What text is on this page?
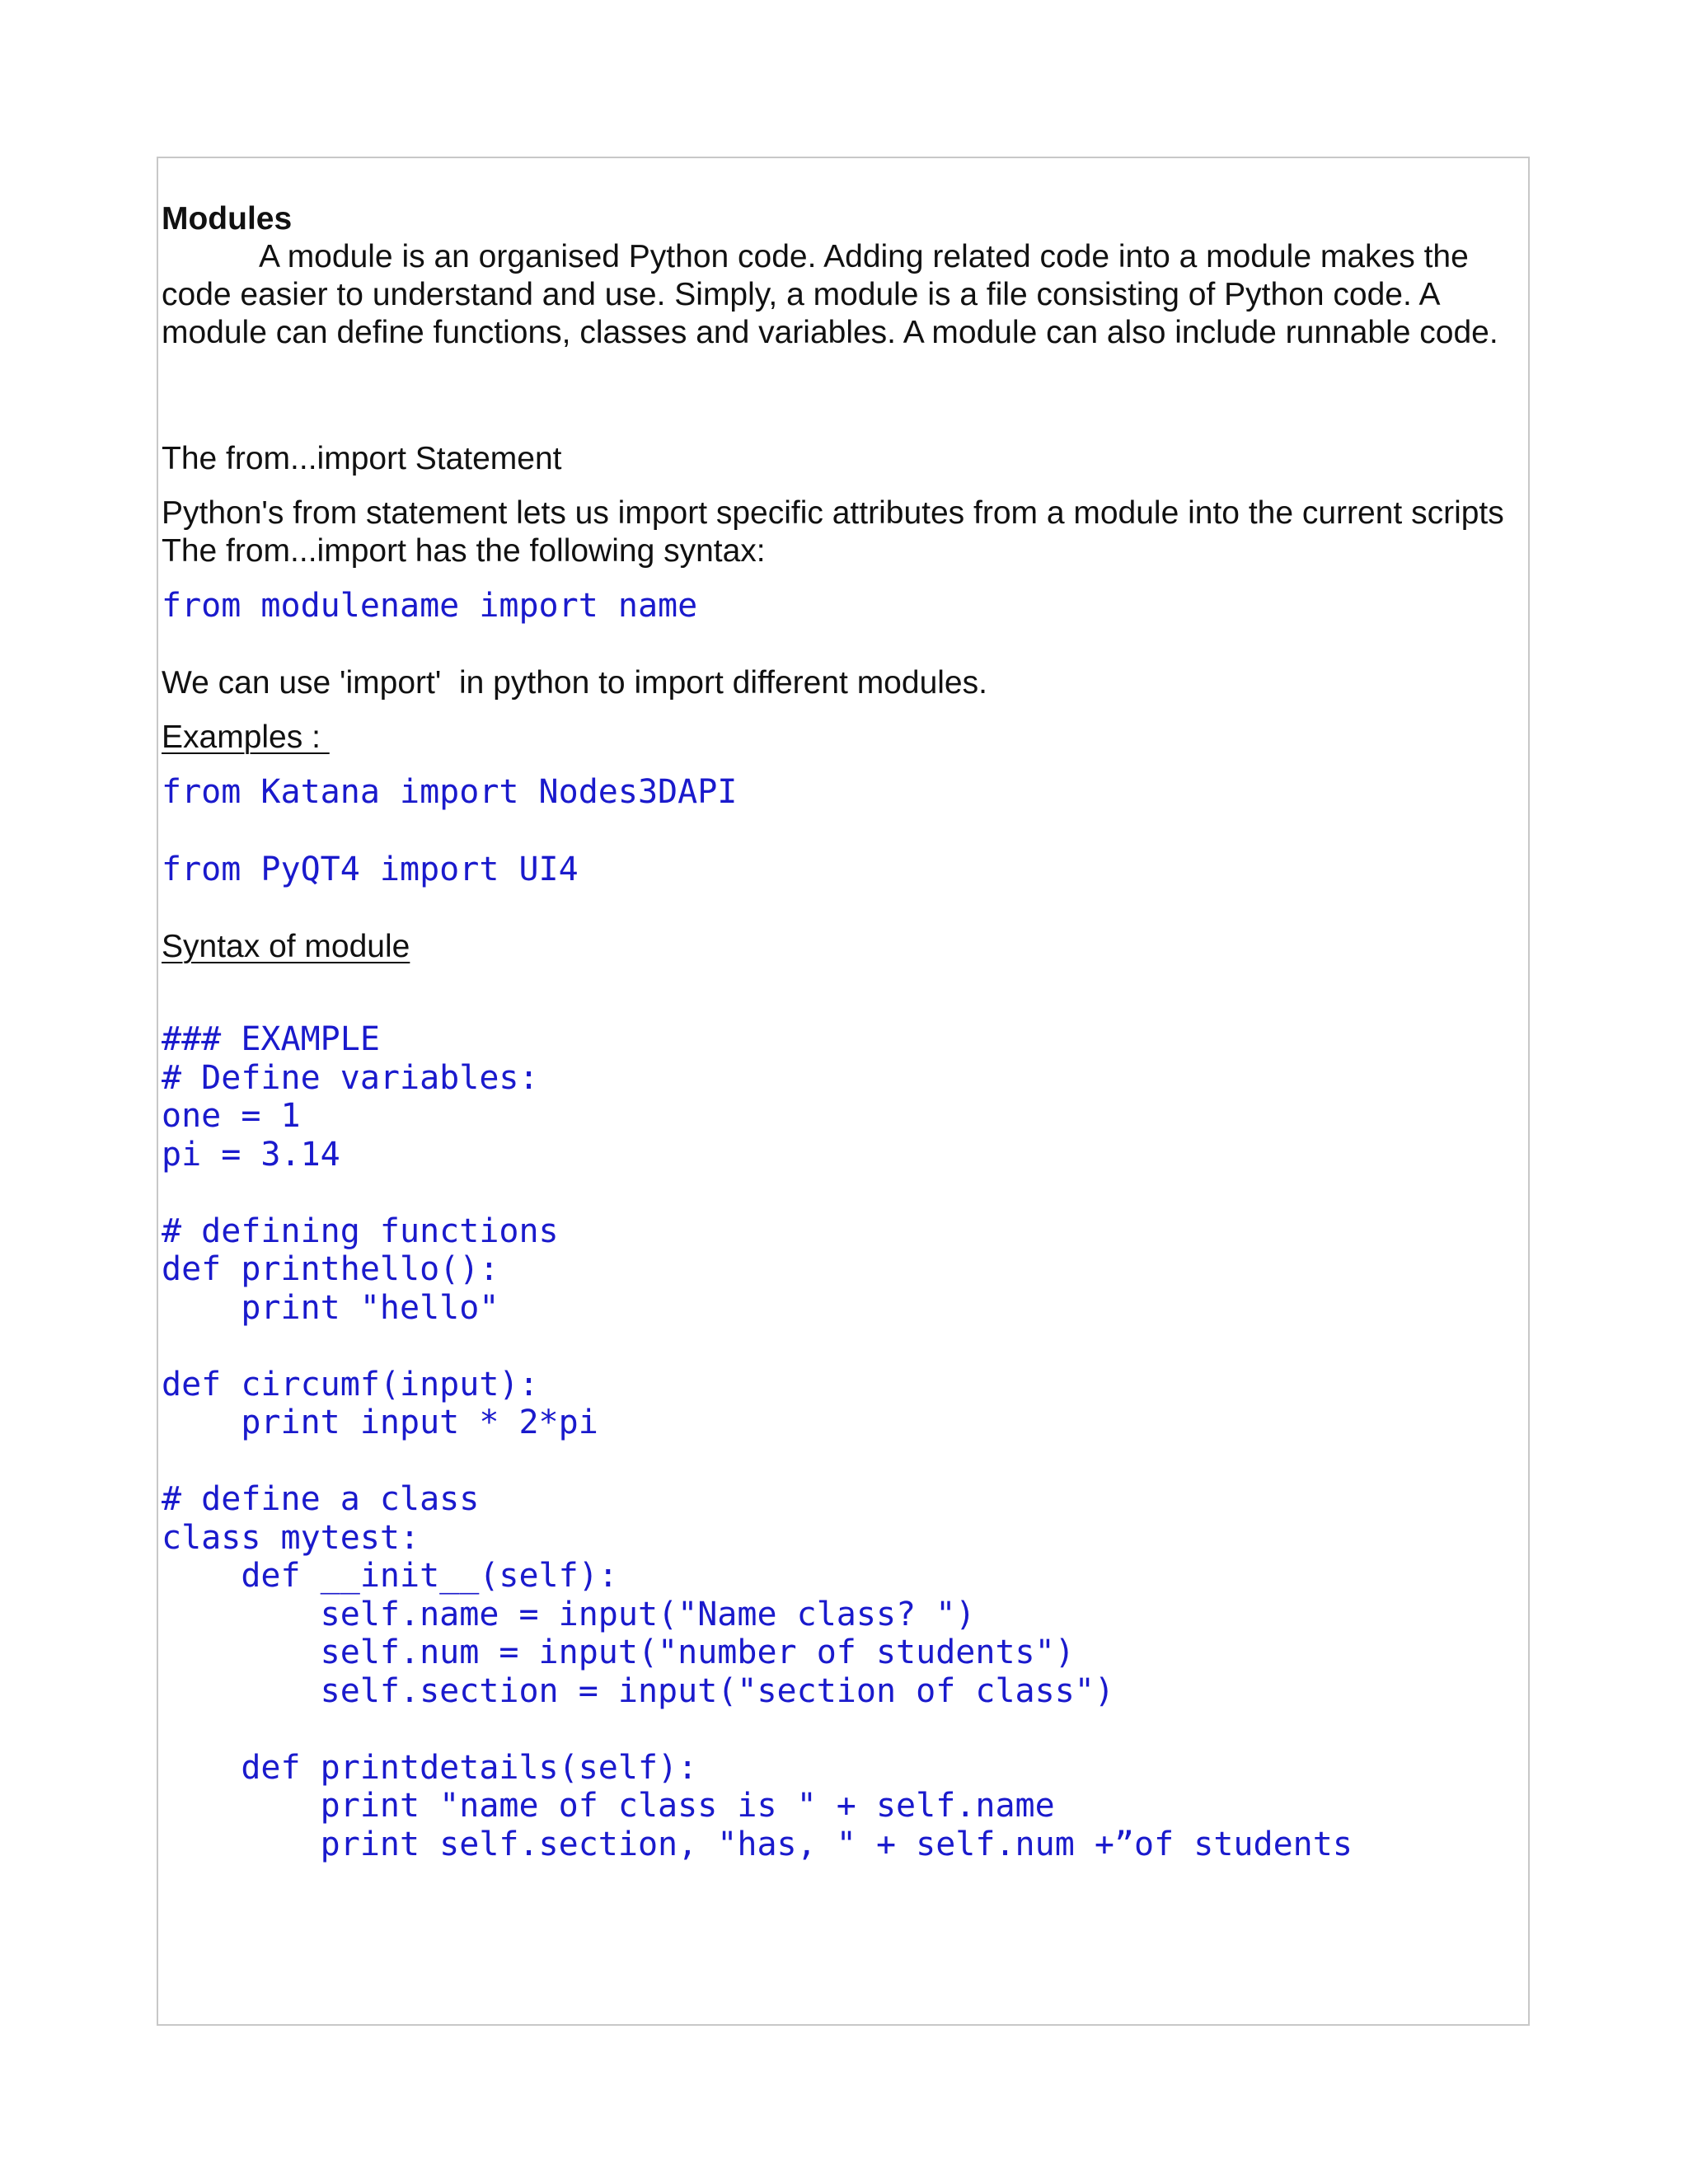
Modules

A module is an organised Python code. Adding related code into a module makes the code easier to understand and use. Simply, a module is a file consisting of Python code. A module can define functions, classes and variables. A module can also include runnable code.

The from...import Statement

Python's from statement lets us import specific attributes from a module into the current scripts The from...import has the following syntax:

from modulename import name

We can use 'import'  in python to import different modules.

Examples :

from Katana import Nodes3DAPI
from PyQT4 import UI4

Syntax of module

### EXAMPLE
# Define variables:
one = 1
pi = 3.14

# defining functions
def printhello():
print "hello"

def circumf(input):
print input * 2*pi

# define a class
class mytest:
def __init__(self):
self.name = input("Name class? ")
self.num = input("number of students")
self.section = input("section of class")

def printdetails(self):
print "name of class is " + self.name
print self.section, "has, " + self.num +”of students
